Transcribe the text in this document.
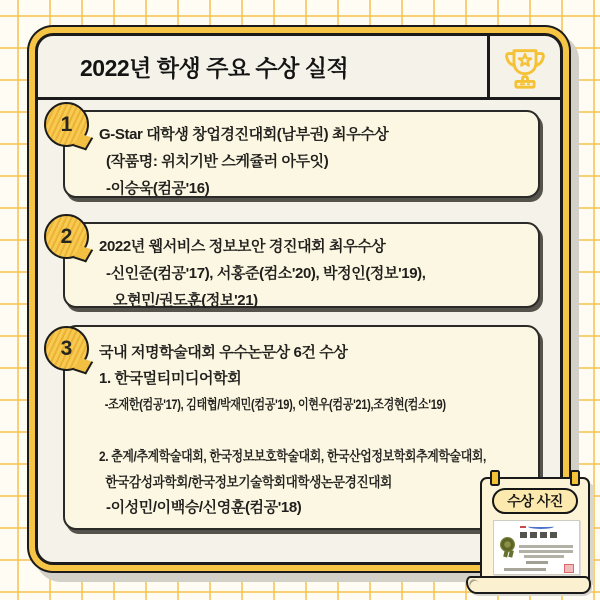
2022년 학생 주요 수상 실적
1 G-Star 대학생 창업경진대회(남부권) 최우수상
(작품명: 위치기반 스케쥴러 아두잇)
-이승욱(컴공'16)
2 2022년 웹서비스 정보보안 경진대회 최우수상
-신인준(컴공'17), 서홍준(컴소'20), 박정인(정보'19),
오현민/권도훈(정보'21)
3 국내 저명학술대회 우수논문상 6건 수상
1. 한국멀티미디어학회
-조재한(컴공'17), 김태협/박재민(컴공'19), 이현우(컴공'21),조경현(컴소'19)
2. 춘계/추계학술대회, 한국정보보호학술대회, 한국산업정보학회추계학술대회,
한국감성과학회/한국정보기술학회대학생논문경진대회
-이성민/이백승/신영훈(컴공'18)	수상 사진
